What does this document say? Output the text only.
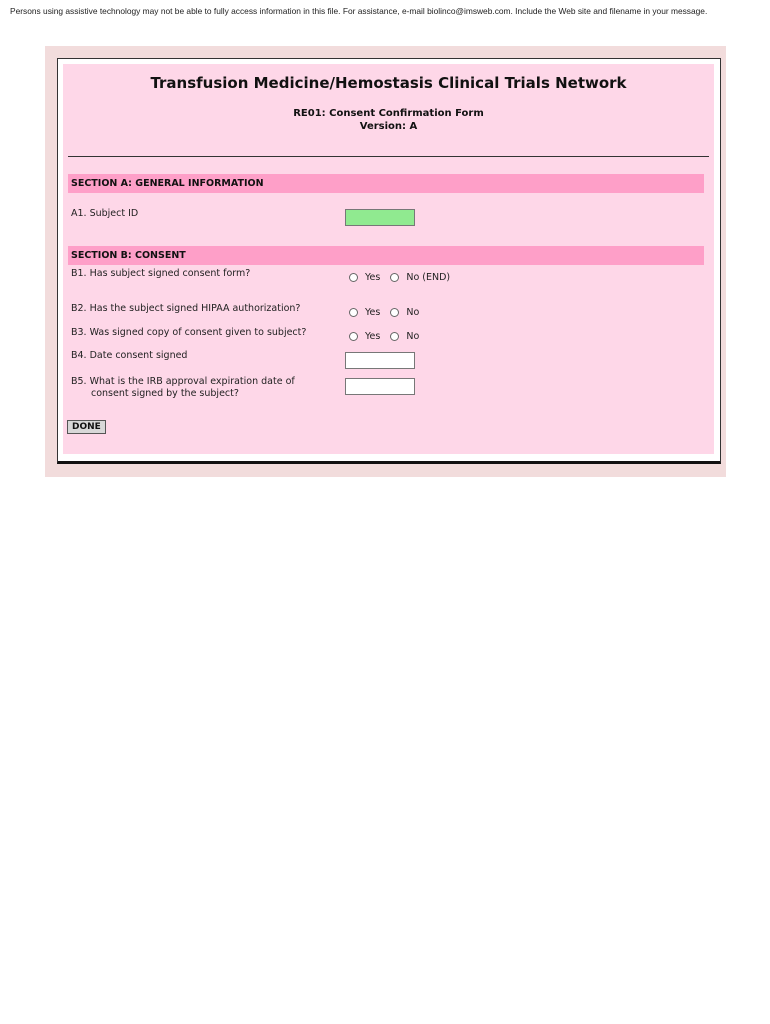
Persons using assistive technology may not be able to fully access information in this file. For assistance, e-mail biolinco@imsweb.com. Include the Web site and filename in your message.
Transfusion Medicine/Hemostasis Clinical Trials Network
RE01: Consent Confirmation Form
Version: A
SECTION A: GENERAL INFORMATION
A1. Subject ID
SECTION B: CONSENT
B1. Has subject signed consent form?	Yes	No (END)
B2. Has the subject signed HIPAA authorization?	Yes	No
B3. Was signed copy of consent given to subject?	Yes	No
B4. Date consent signed
B5. What is the IRB approval expiration date of
consent signed by the subject?
DONE
